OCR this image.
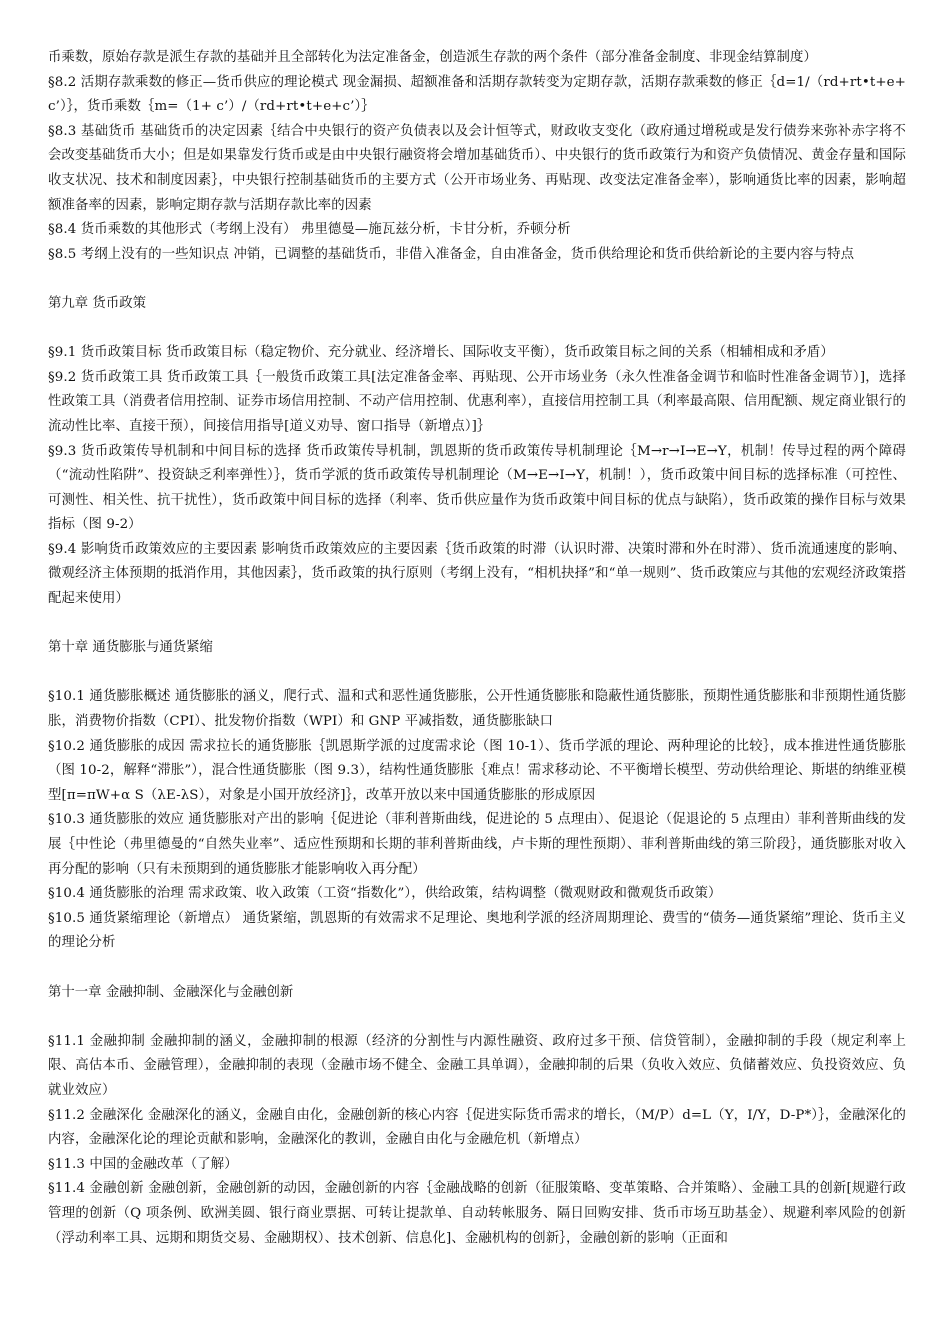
币乘数，原始存款是派生存款的基础并且全部转化为法定准备金，创造派生存款的两个条件（部分准备金制度、非现金结算制度）

§8.2 活期存款乘数的修正—货币供应的理论模式 现金漏损、超额准备和活期存款转变为定期存款，活期存款乘数的修正｛d=1/（rd+rt•t+e+c’）｝，货币乘数｛m=（1+ c’）/（rd+rt•t+e+c’）｝

§8.3 基础货币 基础货币的决定因素｛结合中央银行的资产负债表以及会计恒等式，财政收支变化（政府通过增税或是发行债券来弥补赤字将不会改变基础货币大小；但是如果靠发行货币或是由中央银行融资将会增加基础货币）、中央银行的货币政策行为和资产负债情况、黄金存量和国际收支状况、技术和制度因素｝，中央银行控制基础货币的主要方式（公开市场业务、再贴现、改变法定准备金率），影响通货比率的因素，影响超额准备率的因素，影响定期存款与活期存款比率的因素

§8.4 货币乘数的其他形式（考纲上没有） 弗里德曼—施瓦兹分析，卡甘分析，乔顿分析

§8.5 考纲上没有的一些知识点 冲销，已调整的基础货币，非借入准备金，自由准备金，货币供给理论和货币供给新论的主要内容与特点

第九章 货币政策

§9.1 货币政策目标 货币政策目标（稳定物价、充分就业、经济增长、国际收支平衡），货币政策目标之间的关系（相辅相成和矛盾）

§9.2 货币政策工具 货币政策工具｛一般货币政策工具[法定准备金率、再贴现、公开市场业务（永久性准备金调节和临时性准备金调节）]，选择性政策工具（消费者信用控制、证券市场信用控制、不动产信用控制、优惠利率），直接信用控制工具（利率最高限、信用配额、规定商业银行的流动性比率、直接干预），间接信用指导[道义劝导、窗口指导（新增点）]｝

§9.3 货币政策传导机制和中间目标的选择 货币政策传导机制，凯恩斯的货币政策传导机制理论｛M→r→I→E→Y，机制！传导过程的两个障碍（“流动性陷阱”、投资缺乏利率弹性）｝，货币学派的货币政策传导机制理论（M→E→I→Y，机制！），货币政策中间目标的选择标准（可控性、可测性、相关性、抗干扰性），货币政策中间目标的选择（利率、货币供应量作为货币政策中间目标的优点与缺陷），货币政策的操作目标与效果指标（图 9-2）

§9.4 影响货币政策效应的主要因素 影响货币政策效应的主要因素｛货币政策的时滞（认识时滞、决策时滞和外在时滞）、货币流通速度的影响、微观经济主体预期的抵消作用，其他因素｝，货币政策的执行原则（考纲上没有，“相机抉择”和“单一规则”、货币政策应与其他的宏观经济政策搭配起来使用）

第十章 通货膨胀与通货紧缩

§10.1 通货膨胀概述 通货膨胀的涵义，爬行式、温和式和恶性通货膨胀，公开性通货膨胀和隐蔽性通货膨胀，预期性通货膨胀和非预期性通货膨胀，消费物价指数（CPI）、批发物价指数（WPI）和 GNP 平减指数，通货膨胀缺口

§10.2 通货膨胀的成因 需求拉长的通货膨胀｛凯恩斯学派的过度需求论（图 10-1）、货币学派的理论、两种理论的比较｝，成本推进性通货膨胀（图 10-2，解释“滞胀”），混合性通货膨胀（图 9.3），结构性通货膨胀｛难点！需求移动论、不平衡增长模型、劳动供给理论、斯堪的纳维亚模型[π=πW+α S（λE-λS），对象是小国开放经济]｝，改革开放以来中国通货膨胀的形成原因

§10.3 通货膨胀的效应 通货膨胀对产出的影响｛促进论（菲利普斯曲线，促进论的 5 点理由）、促退论（促退论的 5 点理由）菲利普斯曲线的发展｛中性论（弗里德曼的“自然失业率”、适应性预期和长期的菲利普斯曲线，卢卡斯的理性预期）、菲利普斯曲线的第三阶段｝，通货膨胀对收入再分配的影响（只有未预期到的通货膨胀才能影响收入再分配）

§10.4 通货膨胀的治理 需求政策、收入政策（工资“指数化”），供给政策，结构调整（微观财政和微观货币政策）

§10.5 通货紧缩理论（新增点） 通货紧缩，凯恩斯的有效需求不足理论、奥地利学派的经济周期理论、费雪的“债务—通货紧缩”理论、货币主义的理论分析

第十一章 金融抑制、金融深化与金融创新

§11.1 金融抑制 金融抑制的涵义，金融抑制的根源（经济的分割性与内源性融资、政府过多干预、信贷管制），金融抑制的手段（规定利率上限、高估本币、金融管理），金融抑制的表现（金融市场不健全、金融工具单调），金融抑制的后果（负收入效应、负储蓄效应、负投资效应、负就业效应）

§11.2 金融深化 金融深化的涵义，金融自由化，金融创新的核心内容｛促进实际货币需求的增长，（M/P）d=L（Y，I/Y，D-P*）｝，金融深化的内容，金融深化论的理论贡献和影响，金融深化的教训，金融自由化与金融危机（新增点）

§11.3 中国的金融改革（了解）

§11.4 金融创新 金融创新，金融创新的动因，金融创新的内容｛金融战略的创新（征服策略、变革策略、合并策略）、金融工具的创新[规避行政管理的创新（Q 项条例、欧洲美圆、银行商业票据、可转让提款单、自动转帐服务、隔日回购安排、货币市场互助基金）、规避利率风险的创新（浮动利率工具、远期和期货交易、金融期权）、技术创新、信息化]、金融机构的创新｝，金融创新的影响（正面和
